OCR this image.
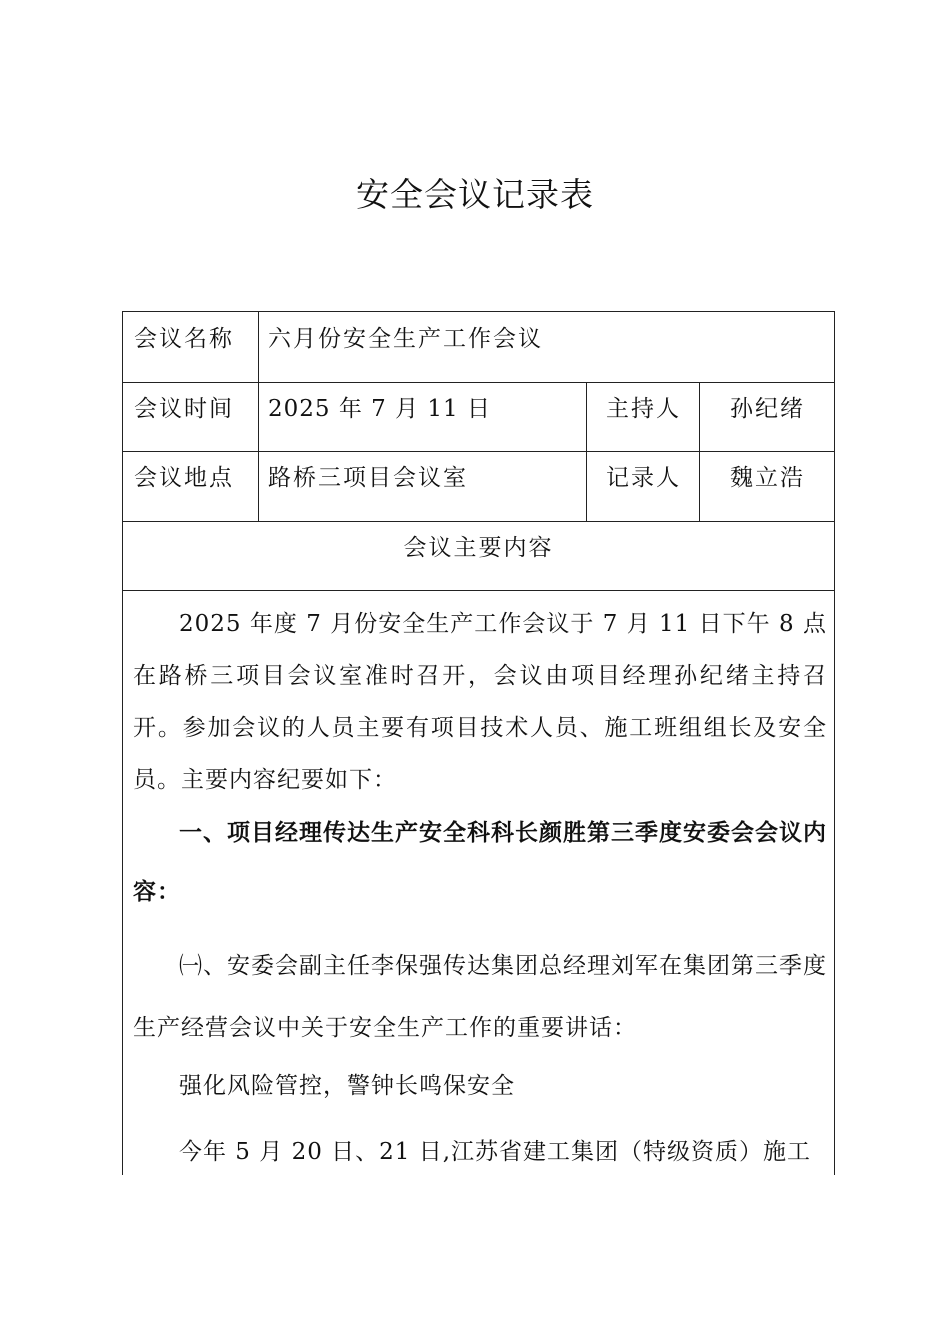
安全会议记录表
会议名称 六月份安全生产工作会议
会议时间 2025 年 7 月 11 日	主持人	孙纪绪
会议地点 路桥三项目会议室	记录人	魏立浩
会议主要内容
2025 年度 7 月份安全生产工作会议于 7 月 11 日下午 8 点在路桥三项目会议室准时召开，会议由项目经理孙纪绪主持召开。参加会议的人员主要有项目技术人员、施工班组组长及安全员。主要内容纪要如下：
一、项目经理传达生产安全科科长颜胜第三季度安委会会议内容：
㈠、安委会副主任李保强传达集团总经理刘军在集团第三季度生产经营会议中关于安全生产工作的重要讲话：
强化风险管控，警钟长鸣保安全
今年 5 月 20 日、21 日,江苏省建工集团（特级资质）施工
